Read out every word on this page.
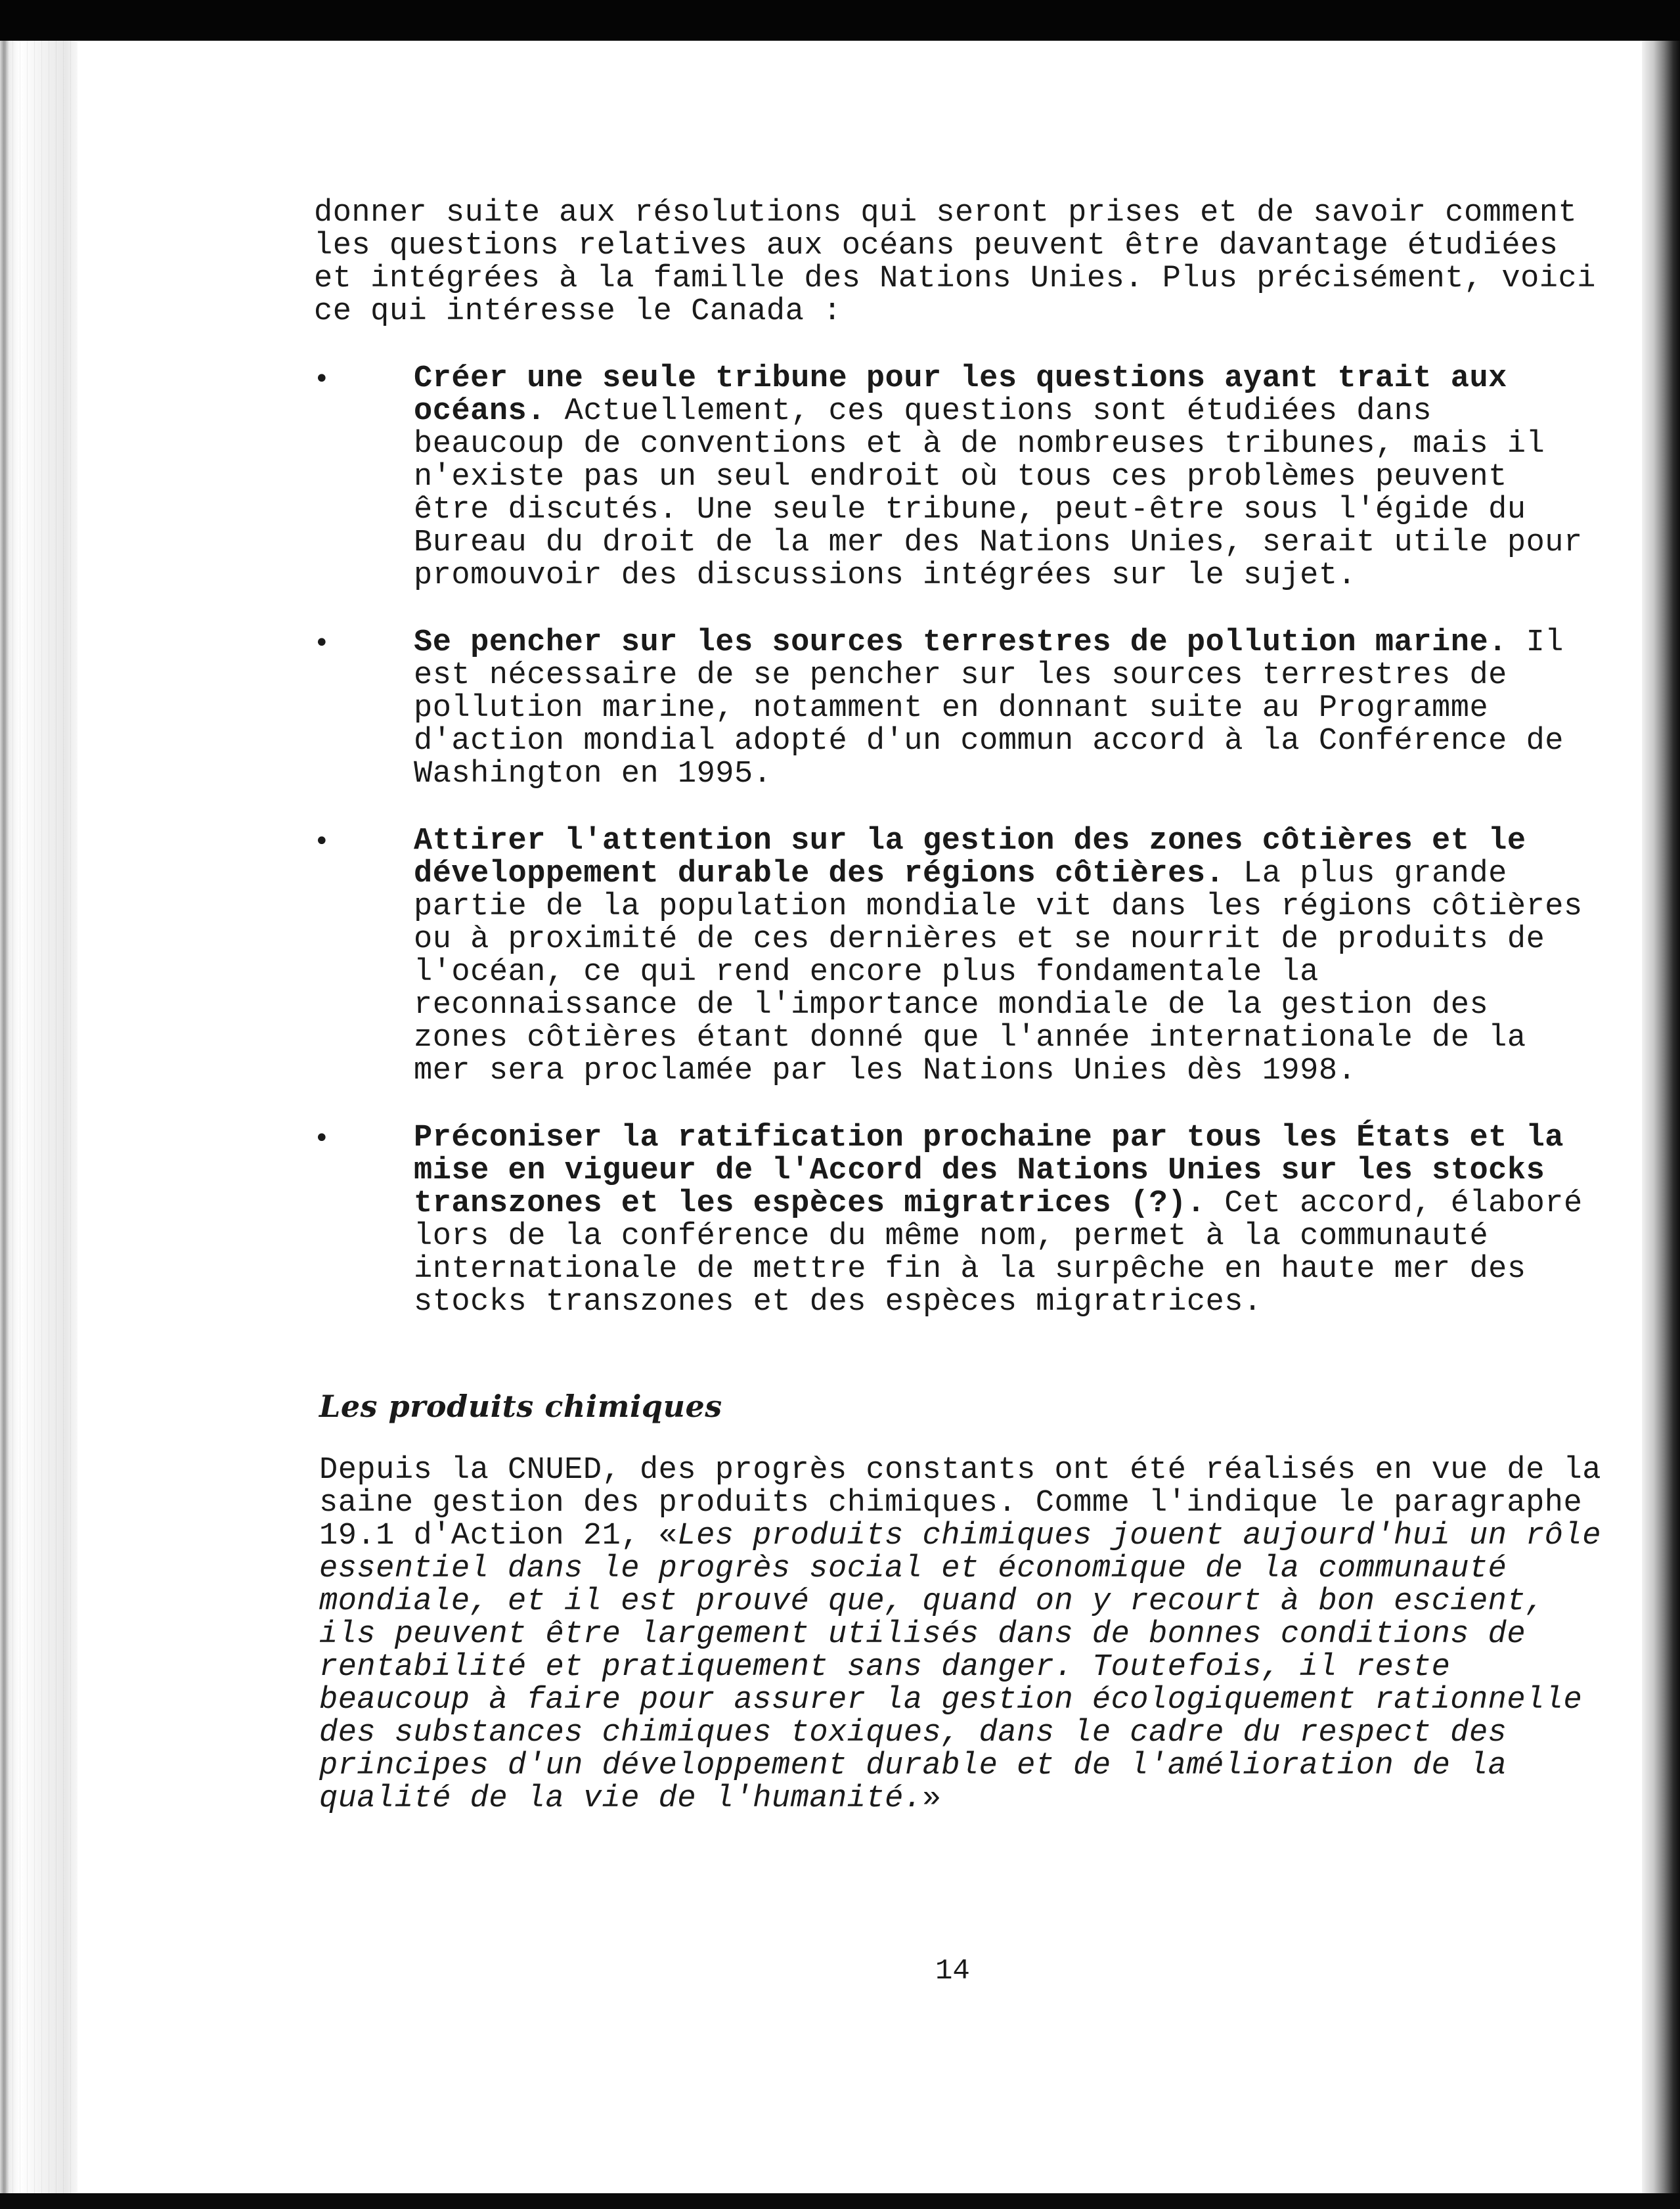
donner suite aux résolutions qui seront prises et de savoir comment les questions relatives aux océans peuvent être davantage étudiées et intégrées à la famille des Nations Unies. Plus précisément, voici ce qui intéresse le Canada :

•	Créer une seule tribune pour les questions ayant trait aux océans. Actuellement, ces questions sont étudiées dans beaucoup de conventions et à de nombreuses tribunes, mais il n'existe pas un seul endroit où tous ces problèmes peuvent être discutés. Une seule tribune, peut-être sous l'égide du Bureau du droit de la mer des Nations Unies, serait utile pour promouvoir des discussions intégrées sur le sujet.
•	Se pencher sur les sources terrestres de pollution marine. Il est nécessaire de se pencher sur les sources terrestres de pollution marine, notamment en donnant suite au Programme d'action mondial adopté d'un commun accord à la Conférence de Washington en 1995.
•	Attirer l'attention sur la gestion des zones côtières et le développement durable des régions côtières. La plus grande partie de la population mondiale vit dans les régions côtières ou à proximité de ces dernières et se nourrit de produits de l'océan, ce qui rend encore plus fondamentale la reconnaissance de l'importance mondiale de la gestion des zones côtières étant donné que l'année internationale de la mer sera proclamée par les Nations Unies dès 1998.
•	Préconiser la ratification prochaine par tous les États et la mise en vigueur de l'Accord des Nations Unies sur les stocks transzones et les espèces migratrices (?). Cet accord, élaboré lors de la conférence du même nom, permet à la communauté internationale de mettre fin à la surpêche en haute mer des stocks transzones et des espèces migratrices.
Les produits chimiques

Depuis la CNUED, des progrès constants ont été réalisés en vue de la saine gestion des produits chimiques. Comme l'indique le paragraphe 19.1 d'Action 21, «Les produits chimiques jouent aujourd'hui un rôle essentiel dans le progrès social et économique de la communauté mondiale, et il est prouvé que, quand on y recourt à bon escient, ils peuvent être largement utilisés dans de bonnes conditions de rentabilité et pratiquement sans danger. Toutefois, il reste beaucoup à faire pour assurer la gestion écologiquement rationnelle des substances chimiques toxiques, dans le cadre du respect des principes d'un développement durable et de l'amélioration de la qualité de la vie de l'humanité.»

14
